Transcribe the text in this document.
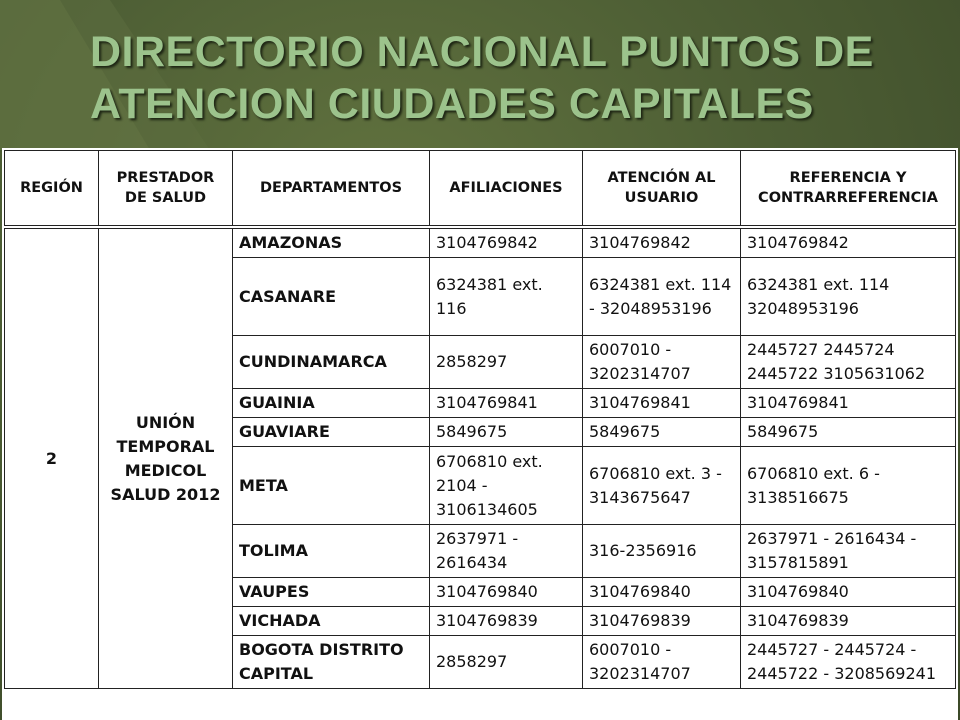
DIRECTORIO NACIONAL PUNTOS DE ATENCION CIUDADES CAPITALES
REGIÓN	PRESTADOR DE SALUD	DEPARTAMENTOS	AFILIACIONES	ATENCIÓN AL USUARIO	REFERENCIA Y CONTRARREFERENCIA
2	UNIÓN TEMPORAL MEDICOL SALUD 2012	AMAZONAS	3104769842	3104769842	3104769842
		CASANARE	6324381 ext. 116	6324381 ext. 114 - 32048953196	6324381 ext. 114 32048953196
		CUNDINAMARCA	2858297	6007010 - 3202314707	2445727 2445724 2445722 3105631062
		GUAINIA	3104769841	3104769841	3104769841
		GUAVIARE	5849675	5849675	5849675
		META	6706810 ext. 2104 - 3106134605	6706810 ext. 3 - 3143675647	6706810 ext. 6 - 3138516675
		TOLIMA	2637971 - 2616434	316-2356916	2637971 - 2616434 - 3157815891
		VAUPES	3104769840	3104769840	3104769840
		VICHADA	3104769839	3104769839	3104769839
		BOGOTA DISTRITO CAPITAL	2858297	6007010 - 3202314707	2445727 - 2445724 - 2445722 - 3208569241
